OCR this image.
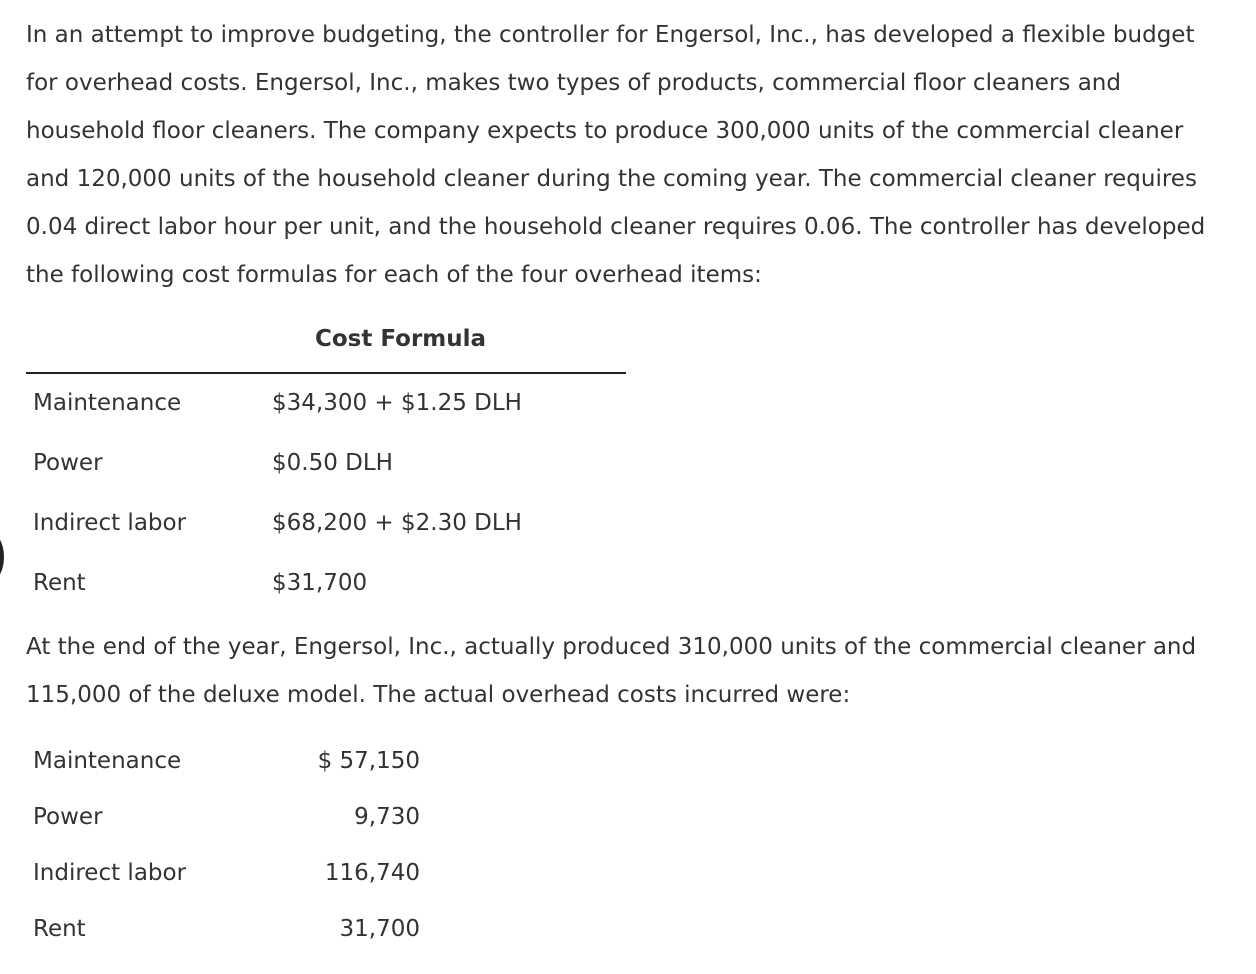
In an attempt to improve budgeting, the controller for Engersol, Inc., has developed a flexible budget
for overhead costs. Engersol, Inc., makes two types of products, commercial floor cleaners and
household floor cleaners. The company expects to produce 300,000 units of the commercial cleaner
and 120,000 units of the household cleaner during the coming year. The commercial cleaner requires
0.04 direct labor hour per unit, and the household cleaner requires 0.06. The controller has developed
the following cost formulas for each of the four overhead items:

Cost Formula
Maintenance	$34,300 + $1.25 DLH
Power	$0.50 DLH
Indirect labor	$68,200 + $2.30 DLH
Rent	$31,700

At the end of the year, Engersol, Inc., actually produced 310,000 units of the commercial cleaner and
115,000 of the deluxe model. The actual overhead costs incurred were:

Maintenance	$ 57,150
Power	9,730
Indirect labor	116,740
Rent	31,700
